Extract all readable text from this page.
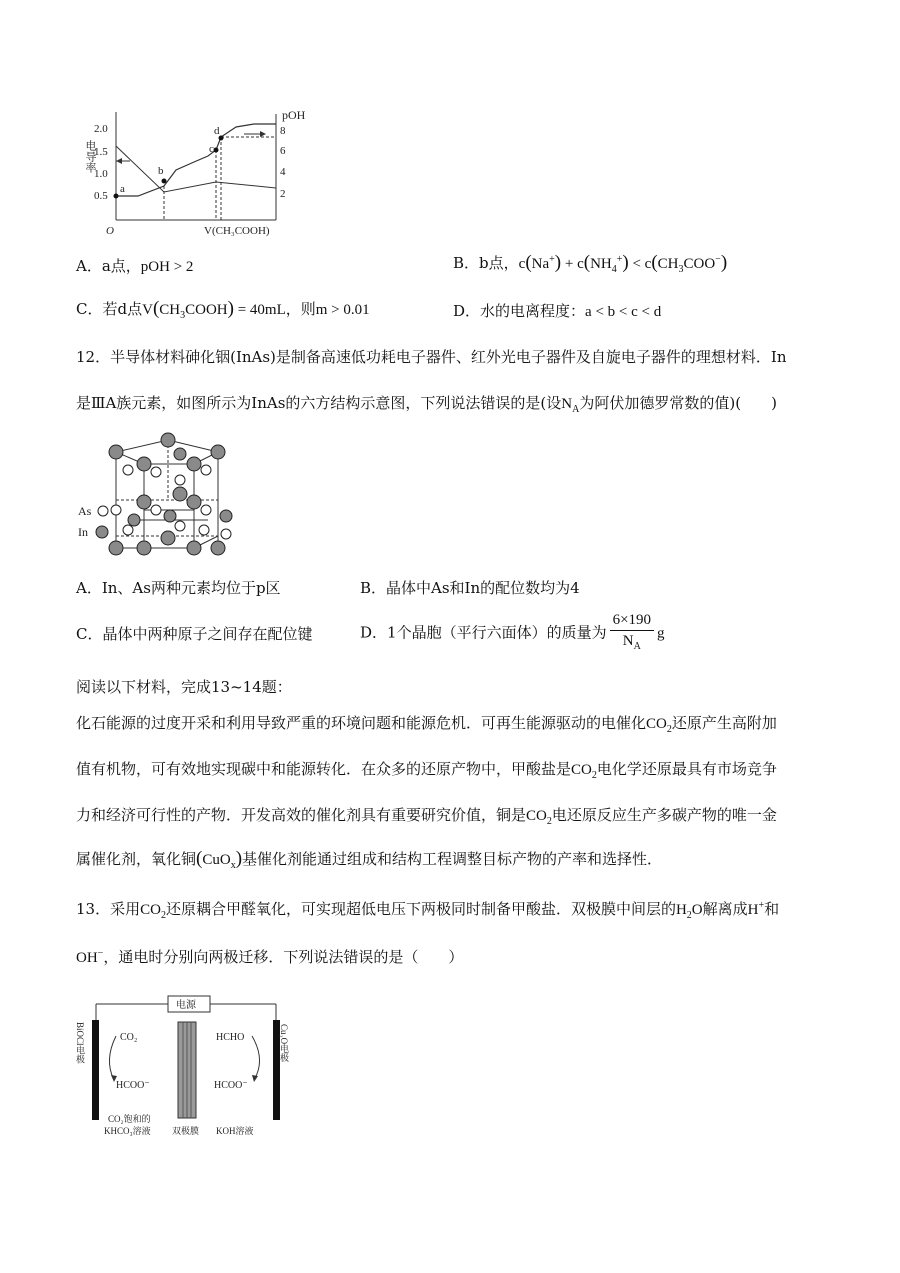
电导率
pOH
2.0
1.5
1.0
0.5
8
6
4
2
O	V(CH₃COOH)
a
b
c
d
A．a点，pOH > 2	B．b点，$c(Na^+) + c(NH_4^+) < c(CH_3COO^-)$
C．若d点$V(CH_3COOH) = 40mL$，则m > 0.01	D．水的电离程度：a < b < c < d
12．半导体材料砷化铟(InAs)是制备高速低功耗电子器件、红外光电子器件及自旋电子器件的理想材料．In
是ⅢA族元素，如图所示为InAs的六方结构示意图，下列说法错误的是(设$N_A$为阿伏加德罗常数的值)(　　)
As
In
A．In、As两种元素均位于p区	B．晶体中As和In的配位数均为4
C．晶体中两种原子之间存在配位键	D．1个晶胞（平行六面体）的质量为 $\frac{6\times 190}{N_A}$ g
阅读以下材料，完成13~14题：
化石能源的过度开采和利用导致严重的环境问题和能源危机．可再生能源驱动的电催化$CO_2$还原产生高附加
值有机物，可有效地实现碳中和能源转化．在众多的还原产物中，甲酸盐是$CO_2$电化学还原最具有市场竞争
力和经济可行性的产物．开发高效的催化剂具有重要研究价值，铜是$CO_2$电还原反应生产多碳产物的唯一金
属催化剂，氧化铜(CuO$_x$)基催化剂能通过组成和结构工程调整目标产物的产率和选择性．
13．采用$CO_2$还原耦合甲醛氧化，可实现超低电压下两极同时制备甲酸盐．双极膜中间层的$H_2O$解离成H+和
OH−，通电时分别向两极迁移．下列说法错误的是（　　）
电源
BiOCl电极	Cu₂O电极
CO₂
HCOO⁻
HCHO
HCOO⁻
CO₂饱和的
KHCO₃溶液 双极膜 KOH溶液
